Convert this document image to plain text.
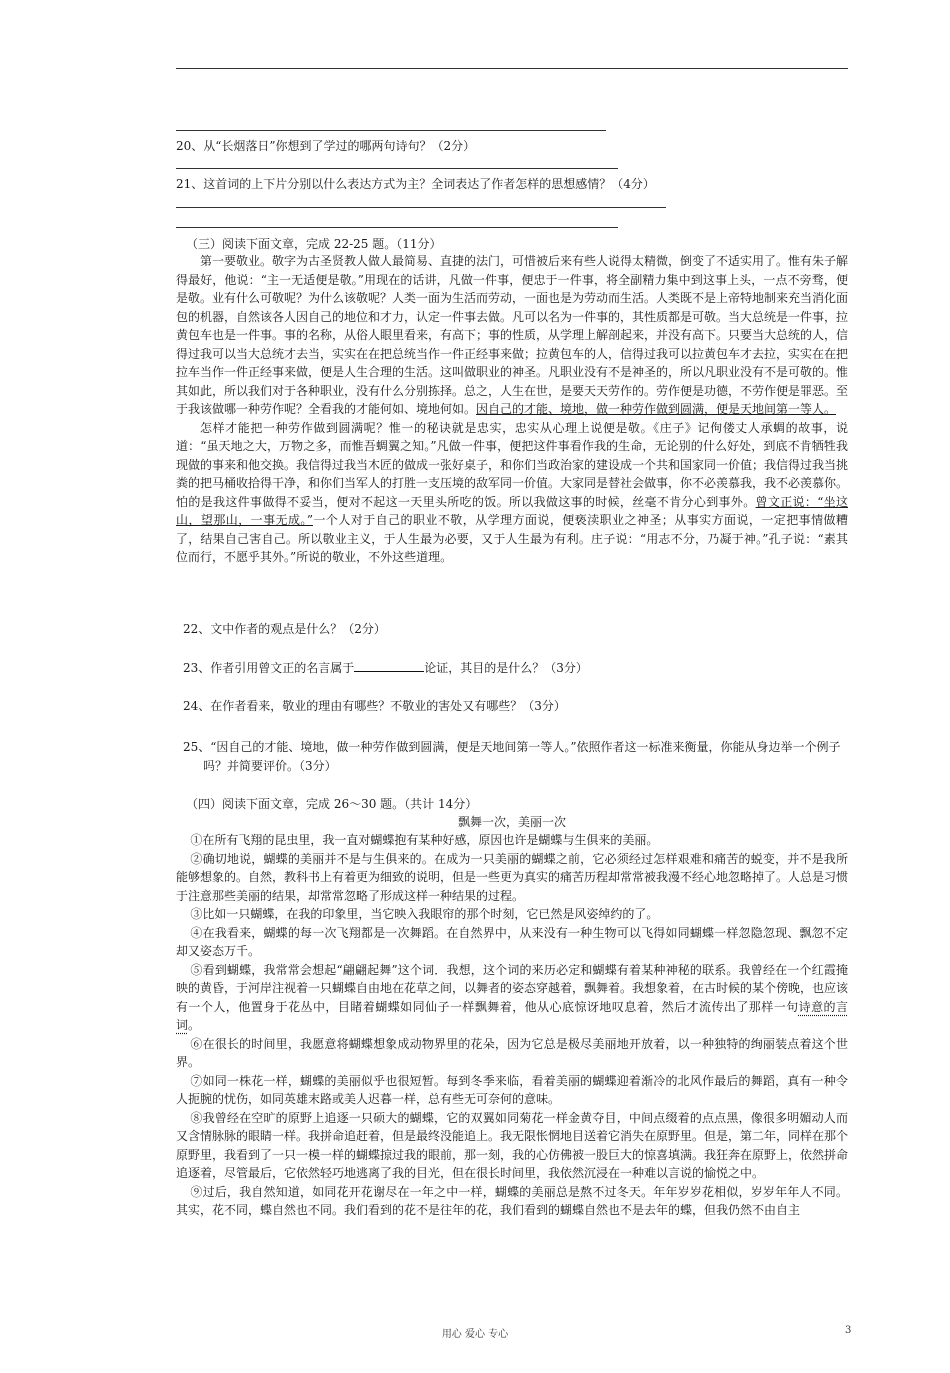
20、从“长烟落日”你想到了学过的哪两句诗句？（2分）
21、这首词的上下片分别以什么表达方式为主？全词表达了作者怎样的思想感情？（4分）
（三）阅读下面文章，完成 22-25 题。（11分）

第一要敬业。敬字为古圣贤教人做人最简易、直捷的法门，可惜被后来有些人说得太精微，倒变了不适实用了。惟有朱子解得最好，他说：“主一无适便是敬。”用现在的话讲，凡做一件事，便忠于一件事，将全副精力集中到这事上头，一点不旁骛，便是敬。业有什么可敬呢？为什么该敬呢？人类一面为生活而劳动，一面也是为劳动而生活。人类既不是上帝特地制来充当消化面包的机器，自然该各人因自己的地位和才力，认定一件事去做。凡可以名为一件事的，其性质都是可敬。当大总统是一件事，拉黄包车也是一件事。事的名称，从俗人眼里看来，有高下；事的性质，从学理上解剖起来，并没有高下。只要当大总统的人，信得过我可以当大总统才去当，实实在在把总统当作一件正经事来做；拉黄包车的人，信得过我可以拉黄包车才去拉，实实在在把拉车当作一件正经事来做，便是人生合理的生活。这叫做职业的神圣。凡职业没有不是神圣的，所以凡职业没有不是可敬的。惟其如此，所以我们对于各种职业，没有什么分别拣择。总之，人生在世，是要天天劳作的。劳作便是功德，不劳作便是罪恶。至于我该做哪一种劳作呢？全看我的才能何如、境地何如。因自己的才能、境地，做一种劳作做到圆满，便是天地间第一等人。

怎样才能把一种劳作做到圆满呢？惟一的秘诀就是忠实，忠实从心理上说便是敬。《庄子》记佝偻丈人承蜩的故事，说道：“虽天地之大，万物之多，而惟吾蜩翼之知。”凡做一件事，便把这件事看作我的生命，无论别的什么好处，到底不肯牺牲我现做的事来和他交换。我信得过我当木匠的做成一张好桌子，和你们当政治家的建设成一个共和国家同一价值；我信得过我当挑粪的把马桶收拾得干净，和你们当军人的打胜一支压境的敌军同一价值。大家同是替社会做事，你不必羡慕我，我不必羡慕你。怕的是我这件事做得不妥当，便对不起这一天里头所吃的饭。所以我做这事的时候，丝毫不肯分心到事外。曾文正说：“坐这山，望那山，一事无成。”一个人对于自己的职业不敬，从学理方面说，便亵渎职业之神圣；从事实方面说，一定把事情做糟了，结果自己害自己。所以敬业主义，于人生最为必要，又于人生最为有利。庄子说：“用志不分，乃凝于神。”孔子说：“素其位而行，不愿乎其外。”所说的敬业，不外这些道理。

22、文中作者的观点是什么？（2分）
23、作者引用曾文正的名言属于	论证，其目的是什么？（3分）
24、在作者看来，敬业的理由有哪些？不敬业的害处又有哪些？（3分）
25、“因自己的才能、境地，做一种劳作做到圆满，便是天地间第一等人。”依照作者这一标准来衡量，你能从身边举一个例子吗？并简要评价。（3分）
（四）阅读下面文章，完成 26～30 题。（共计 14分）
飘舞一次，美丽一次

①在所有飞翔的昆虫里，我一直对蝴蝶抱有某种好感，原因也许是蝴蝶与生俱来的美丽。

②确切地说，蝴蝶的美丽并不是与生俱来的。在成为一只美丽的蝴蝶之前，它必须经过怎样艰难和痛苦的蜕变，并不是我所能够想象的。自然，教科书上有着更为细致的说明，但是一些更为真实的痛苦历程却常常被我漫不经心地忽略掉了。人总是习惯于注意那些美丽的结果，却常常忽略了形成这样一种结果的过程。

③比如一只蝴蝶，在我的印象里，当它映入我眼帘的那个时刻，它已然是风姿绰约的了。

④在我看来，蝴蝶的每一次飞翔都是一次舞蹈。在自然界中，从来没有一种生物可以飞得如同蝴蝶一样忽隐忽现、飘忽不定却又姿态万千。

⑤看到蝴蝶，我常常会想起“翩翩起舞”这个词．我想，这个词的来历必定和蝴蝶有着某种神秘的联系。我曾经在一个红霞掩映的黄昏，于河岸注视着一只蝴蝶自由地在花草之间，以舞者的姿态穿越着，飘舞着。我想象着，在古时候的某个傍晚，也应该有一个人，他置身于花丛中，目睹着蝴蝶如同仙子一样飘舞着，他从心底惊讶地叹息着，然后才流传出了那样一句诗意的言词。

⑥在很长的时间里，我愿意将蝴蝶想象成动物界里的花朵，因为它总是极尽美丽地开放着，以一种独特的绚丽装点着这个世界。

⑦如同一株花一样，蝴蝶的美丽似乎也很短暂。每到冬季来临，看着美丽的蝴蝶迎着渐冷的北风作最后的舞蹈，真有一种令人扼腕的忧伤，如同英雄末路或美人迟暮一样，总有些无可奈何的意味。

⑧我曾经在空旷的原野上追逐一只硕大的蝴蝶，它的双翼如同菊花一样金黄夺目，中间点缀着的点点黑，像很多明媚动人而又含情脉脉的眼睛一样。我拼命追赶着，但是最终没能追上。我无限怅惘地目送着它消失在原野里。但是，第二年，同样在那个原野里，我看到了一只一模一样的蝴蝶掠过我的眼前，那一刻，我的心仿佛被一股巨大的惊喜填满。我狂奔在原野上，依然拼命追逐着，尽管最后，它依然轻巧地逃离了我的目光，但在很长时间里，我依然沉浸在一种难以言说的愉悦之中。

⑨过后，我自然知道，如同花开花谢尽在一年之中一样，蝴蝶的美丽总是熬不过冬天。年年岁岁花相似，岁岁年年人不同。其实，花不同，蝶自然也不同。我们看到的花不是往年的花，我们看到的蝴蝶自然也不是去年的蝶，但我仍然不由自主

用心 爱心 专心	3
